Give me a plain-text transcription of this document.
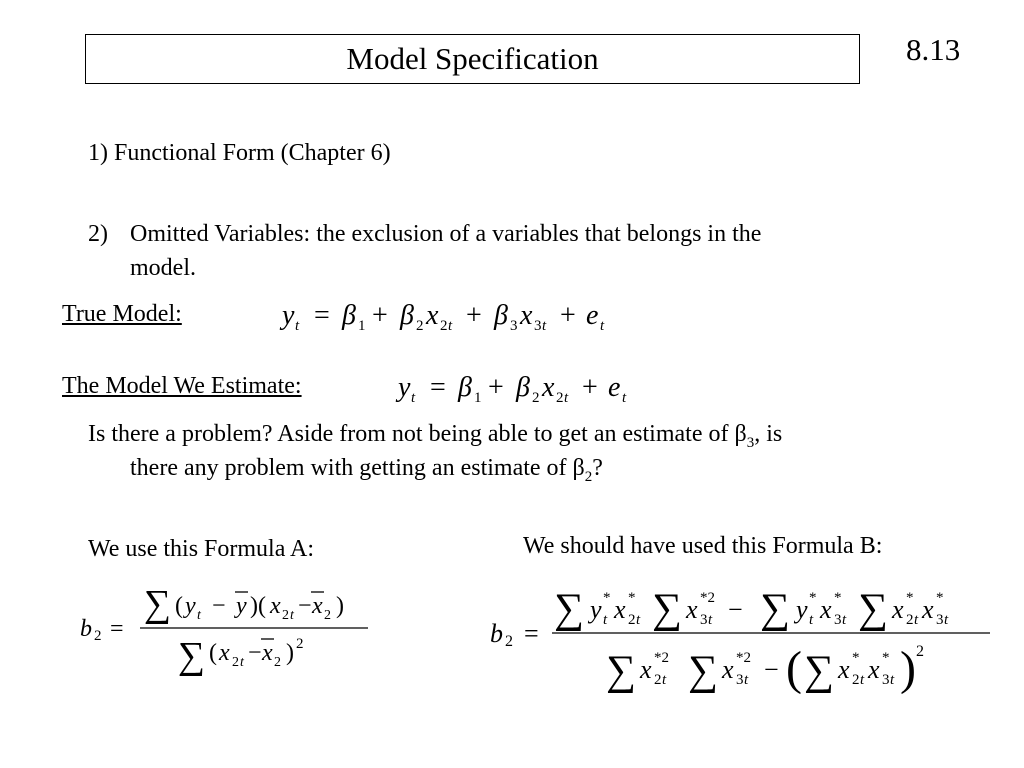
Model Specification	8.13
1) Functional Form (Chapter 6)
2) Omitted Variables: the exclusion of a variables that belongs in the
model.
True Model:	y t = β 1 + β 2 x 2 t + β 3 x 3 t + e t
The Model We Estimate:	y t = β 1 + β 2 x 2 t + e t
Is there a problem? Aside from not being able to get an estimate of $\beta_3$, is
there any problem with getting an estimate of $\beta_2$?
We use this Formula A:	We should have used this Formula B:
b 2 =
∑ ( y t − y )( x 2 t − x 2 )
∑ ( x 2 t − x 2 ) 2	b 2 =
∑ y *
t x *
2 t ∑ x *2
3 t − ∑ y *
t x *
3 t ∑ x *
2 t x *
3 t
∑ x *2
2 t ∑ x *2
3 t − ( ∑ x *
2 t x *
3 t ) 2
